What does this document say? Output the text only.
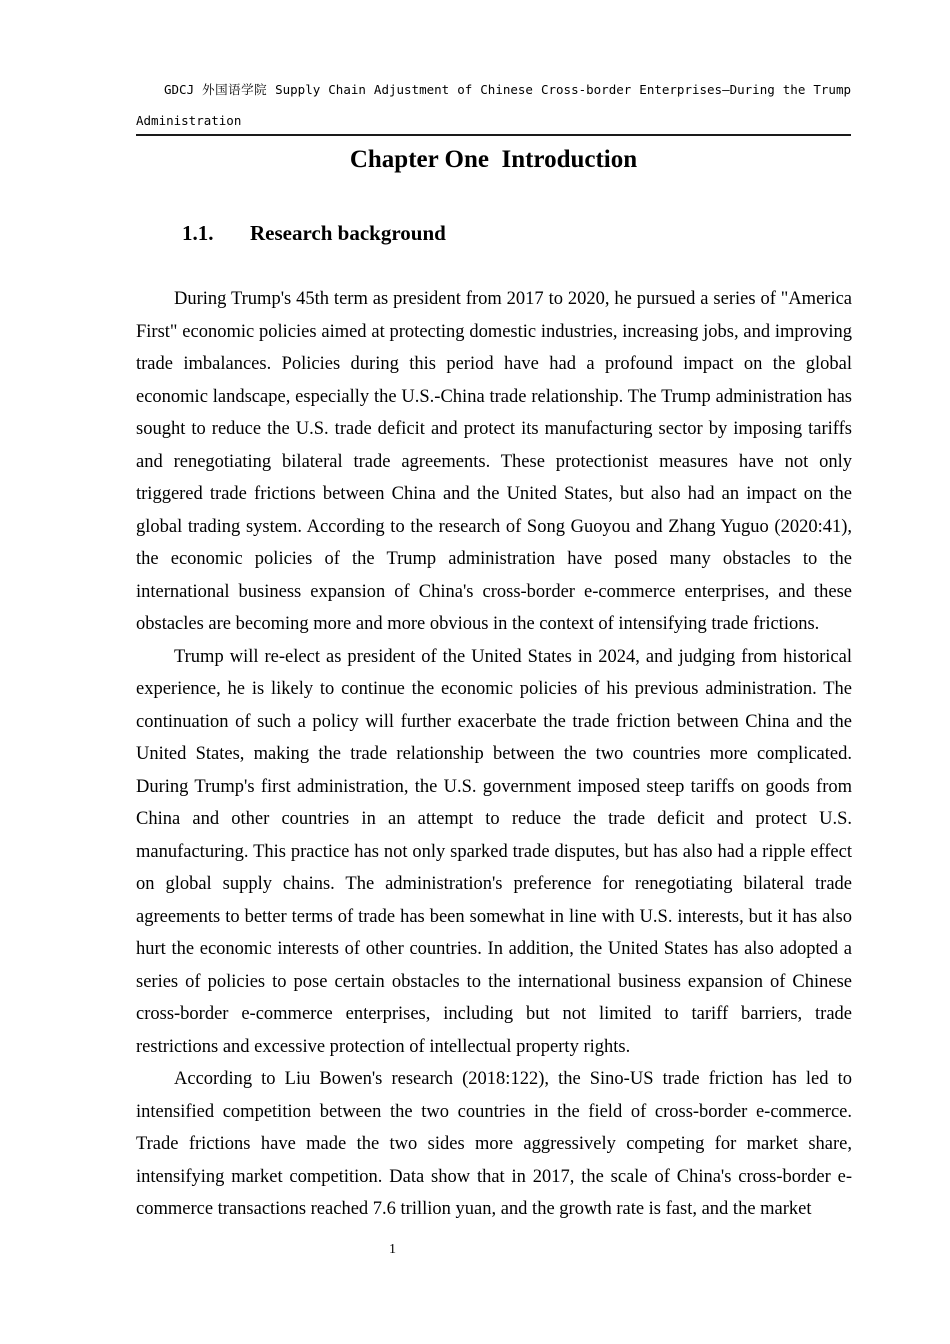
GDCJ 外国语学院 Supply Chain Adjustment of Chinese Cross-border Enterprises—During the Trump
Administration
Chapter One  Introduction
1.1.	Research background

During Trump's 45th term as president from 2017 to 2020, he pursued a series of "America First" economic policies aimed at protecting domestic industries, increasing jobs, and improving trade imbalances. Policies during this period have had a profound impact on the global economic landscape, especially the U.S.-China trade relationship. The Trump administration has sought to reduce the U.S. trade deficit and protect its manufacturing sector by imposing tariffs and renegotiating bilateral trade agreements. These protectionist measures have not only triggered trade frictions between China and the United States, but also had an impact on the global trading system. According to the research of Song Guoyou and Zhang Yuguo (2020:41), the economic policies of the Trump administration have posed many obstacles to the international business expansion of China's cross-border e-commerce enterprises, and these obstacles are becoming more and more obvious in the context of intensifying trade frictions.

Trump will re-elect as president of the United States in 2024, and judging from historical experience, he is likely to continue the economic policies of his previous administration. The continuation of such a policy will further exacerbate the trade friction between China and the United States, making the trade relationship between the two countries more complicated. During Trump's first administration, the U.S. government imposed steep tariffs on goods from China and other countries in an attempt to reduce the trade deficit and protect U.S. manufacturing. This practice has not only sparked trade disputes, but has also had a ripple effect on global supply chains. The administration's preference for renegotiating bilateral trade agreements to better terms of trade has been somewhat in line with U.S. interests, but it has also hurt the economic interests of other countries. In addition, the United States has also adopted a series of policies to pose certain obstacles to the international business expansion of Chinese cross-border e-commerce enterprises, including but not limited to tariff barriers, trade restrictions and excessive protection of intellectual property rights.

According to Liu Bowen's research (2018:122), the Sino-US trade friction has led to intensified competition between the two countries in the field of cross-border e-commerce. Trade frictions have made the two sides more aggressively competing for market share, intensifying market competition. Data show that in 2017, the scale of China's cross-border e-commerce transactions reached 7.6 trillion yuan, and the growth rate is fast, and the market

1
